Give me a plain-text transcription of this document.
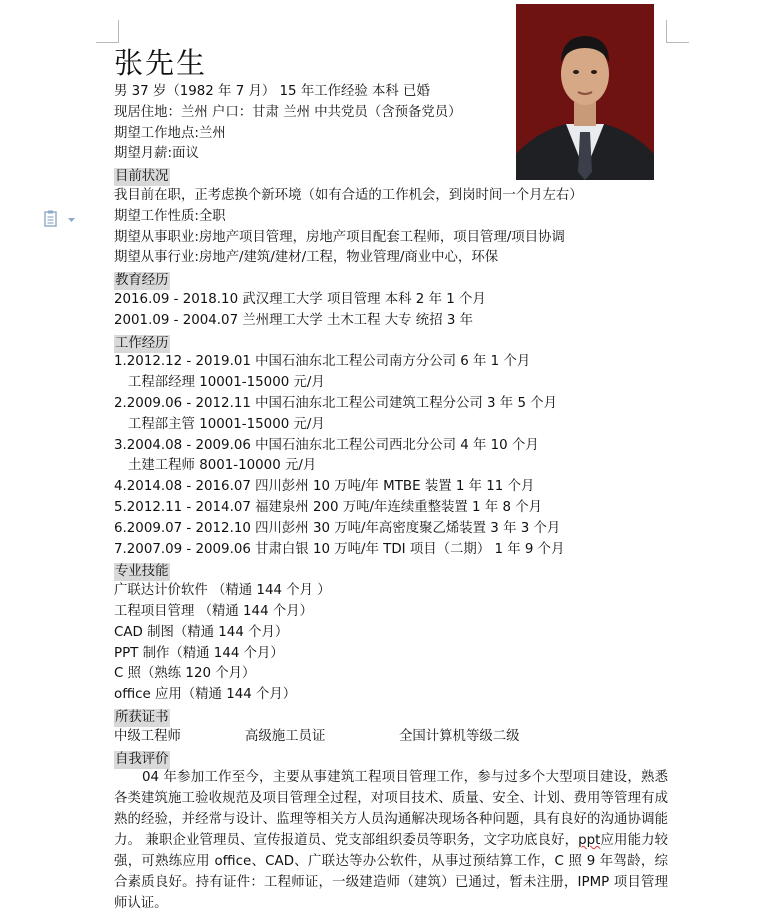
张先生
男 37 岁（1982 年 7 月） 15 年工作经验 本科 已婚
现居住地：兰州 户口：甘肃 兰州 中共党员（含预备党员）
期望工作地点:兰州
期望月薪:面议
目前状况
我目前在职，正考虑换个新环境（如有合适的工作机会，到岗时间一个月左右）
期望工作性质:全职
期望从事职业:房地产项目管理，房地产项目配套工程师，项目管理/项目协调
期望从事行业:房地产/建筑/建材/工程，物业管理/商业中心，环保
教育经历
2016.09 - 2018.10 武汉理工大学 项目管理 本科 2 年 1 个月
2001.09 - 2004.07 兰州理工大学 土木工程 大专 统招 3 年
工作经历
1.2012.12 - 2019.01 中国石油东北工程公司南方分公司 6 年 1 个月
工程部经理 10001-15000 元/月
2.2009.06 - 2012.11 中国石油东北工程公司建筑工程分公司 3 年 5 个月
工程部主管 10001-15000 元/月
3.2004.08 - 2009.06 中国石油东北工程公司西北分公司 4 年 10 个月
土建工程师 8001-10000 元/月
4.2014.08 - 2016.07 四川彭州 10 万吨/年 MTBE 装置 1 年 11 个月
5.2012.11 - 2014.07 福建泉州 200 万吨/年连续重整装置 1 年 8 个月
6.2009.07 - 2012.10 四川彭州 30 万吨/年高密度聚乙烯装置 3 年 3 个月
7.2007.09 - 2009.06 甘肃白银 10 万吨/年 TDI 项目（二期） 1 年 9 个月
专业技能
广联达计价软件 （精通 144 个月 ）
工程项目管理 （精通 144 个月）
CAD 制图（精通 144 个月）
PPT 制作（精通 144 个月）
C 照（熟练 120 个月）
office 应用（精通 144 个月）
所获证书
中级工程师	高级施工员证	全国计算机等级二级
自我评价
04 年参加工作至今，主要从事建筑工程项目管理工作，参与过多个大型项目建设，熟悉各类建筑施工验收规范及项目管理全过程，对项目技术、质量、安全、计划、费用等管理有成熟的经验，并经常与设计、监理等相关方人员沟通解决现场各种问题，具有良好的沟通协调能力。 兼职企业管理员、宣传报道员、党支部组织委员等职务，文字功底良好，ppt应用能力较强，可熟练应用 office、CAD、广联达等办公软件，从事过预结算工作，C 照 9 年驾龄，综合素质良好。持有证件：工程师证，一级建造师（建筑）已通过，暂未注册，IPMP 项目管理师认证。
